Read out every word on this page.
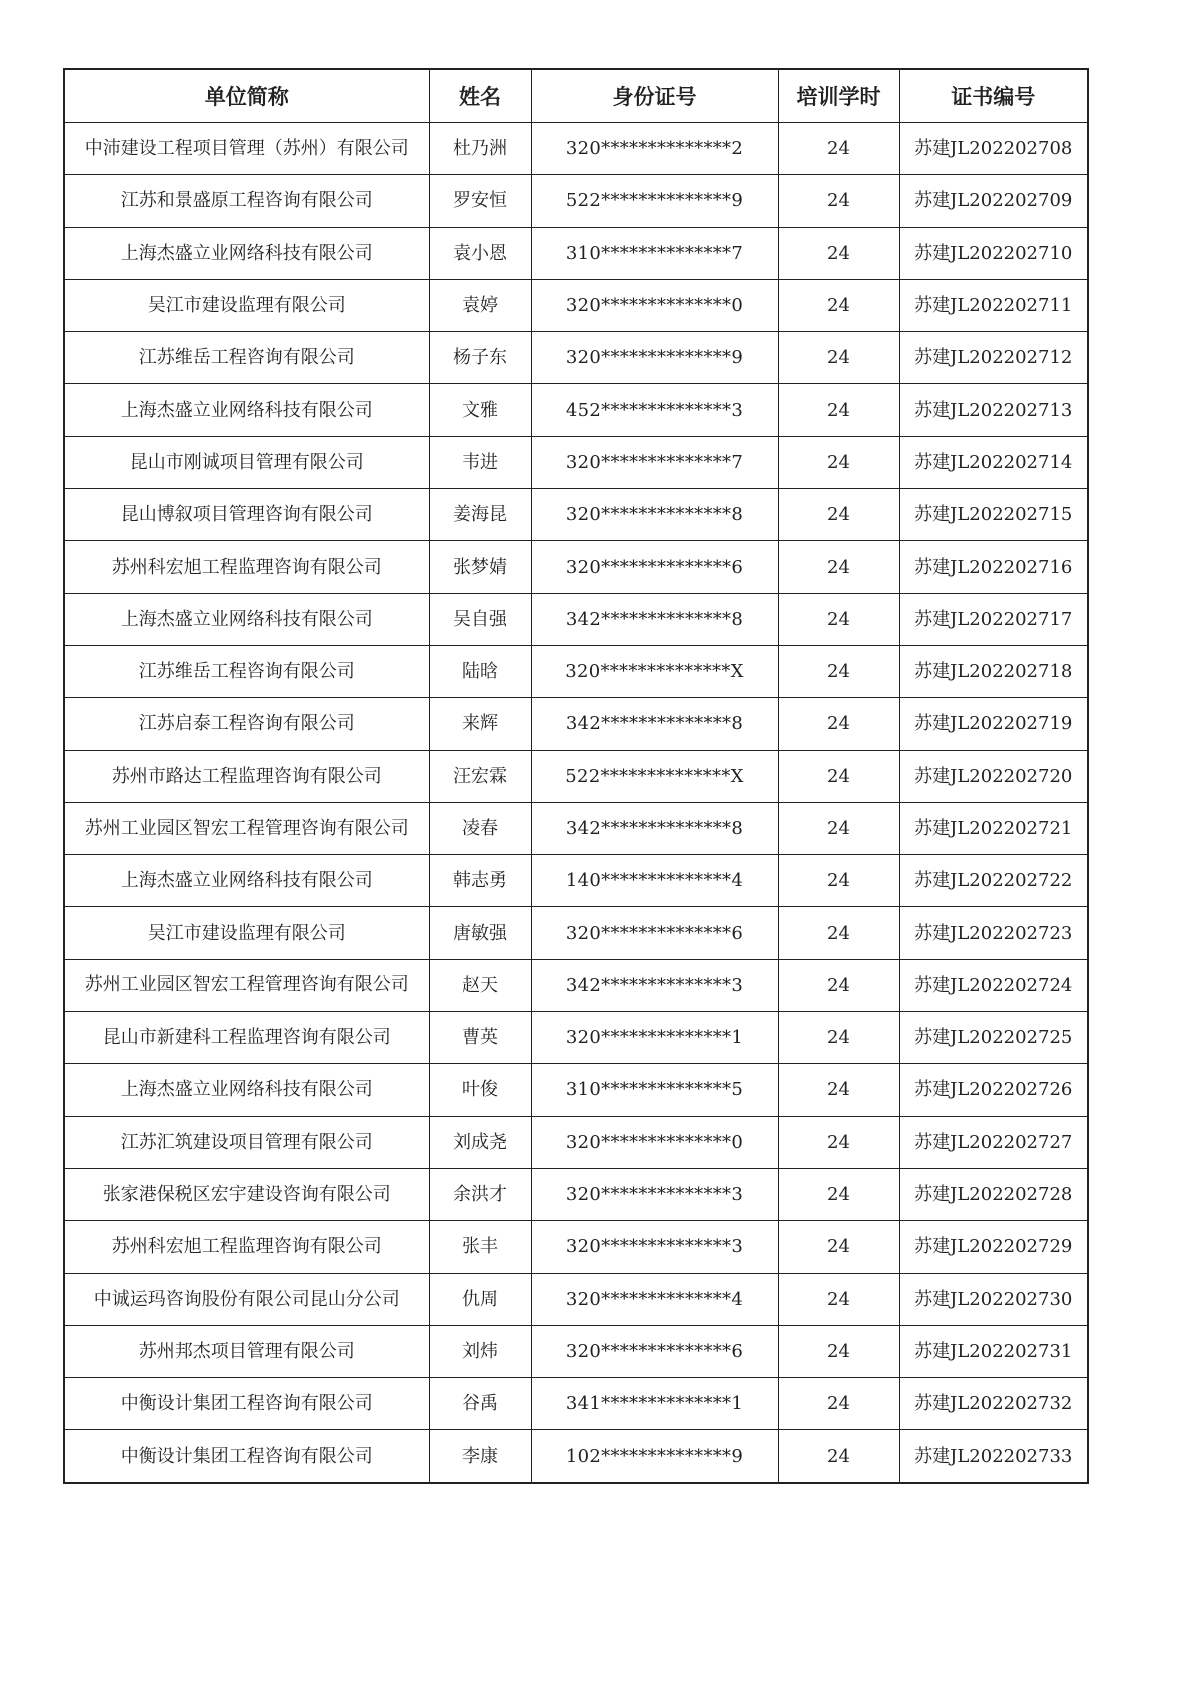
单位简称	姓名	身份证号	培训学时	证书编号
中沛建设工程项目管理（苏州）有限公司	杜乃洲	320**************2	24	苏建JL202202708
江苏和景盛原工程咨询有限公司	罗安恒	522**************9	24	苏建JL202202709
上海杰盛立业网络科技有限公司	袁小恩	310**************7	24	苏建JL202202710
吴江市建设监理有限公司	袁婷	320**************0	24	苏建JL202202711
江苏维岳工程咨询有限公司	杨子东	320**************9	24	苏建JL202202712
上海杰盛立业网络科技有限公司	文雅	452**************3	24	苏建JL202202713
昆山市刚诚项目管理有限公司	韦进	320**************7	24	苏建JL202202714
昆山博叙项目管理咨询有限公司	姜海昆	320**************8	24	苏建JL202202715
苏州科宏旭工程监理咨询有限公司	张梦婧	320**************6	24	苏建JL202202716
上海杰盛立业网络科技有限公司	吴自强	342**************8	24	苏建JL202202717
江苏维岳工程咨询有限公司	陆晗	320**************X	24	苏建JL202202718
江苏启泰工程咨询有限公司	来辉	342**************8	24	苏建JL202202719
苏州市路达工程监理咨询有限公司	汪宏霖	522**************X	24	苏建JL202202720
苏州工业园区智宏工程管理咨询有限公司	凌春	342**************8	24	苏建JL202202721
上海杰盛立业网络科技有限公司	韩志勇	140**************4	24	苏建JL202202722
吴江市建设监理有限公司	唐敏强	320**************6	24	苏建JL202202723
苏州工业园区智宏工程管理咨询有限公司	赵天	342**************3	24	苏建JL202202724
昆山市新建科工程监理咨询有限公司	曹英	320**************1	24	苏建JL202202725
上海杰盛立业网络科技有限公司	叶俊	310**************5	24	苏建JL202202726
江苏汇筑建设项目管理有限公司	刘成尧	320**************0	24	苏建JL202202727
张家港保税区宏宇建设咨询有限公司	余洪才	320**************3	24	苏建JL202202728
苏州科宏旭工程监理咨询有限公司	张丰	320**************3	24	苏建JL202202729
中诚运玛咨询股份有限公司昆山分公司	仇周	320**************4	24	苏建JL202202730
苏州邦杰项目管理有限公司	刘炜	320**************6	24	苏建JL202202731
中衡设计集团工程咨询有限公司	谷禹	341**************1	24	苏建JL202202732
中衡设计集团工程咨询有限公司	李康	102**************9	24	苏建JL202202733
